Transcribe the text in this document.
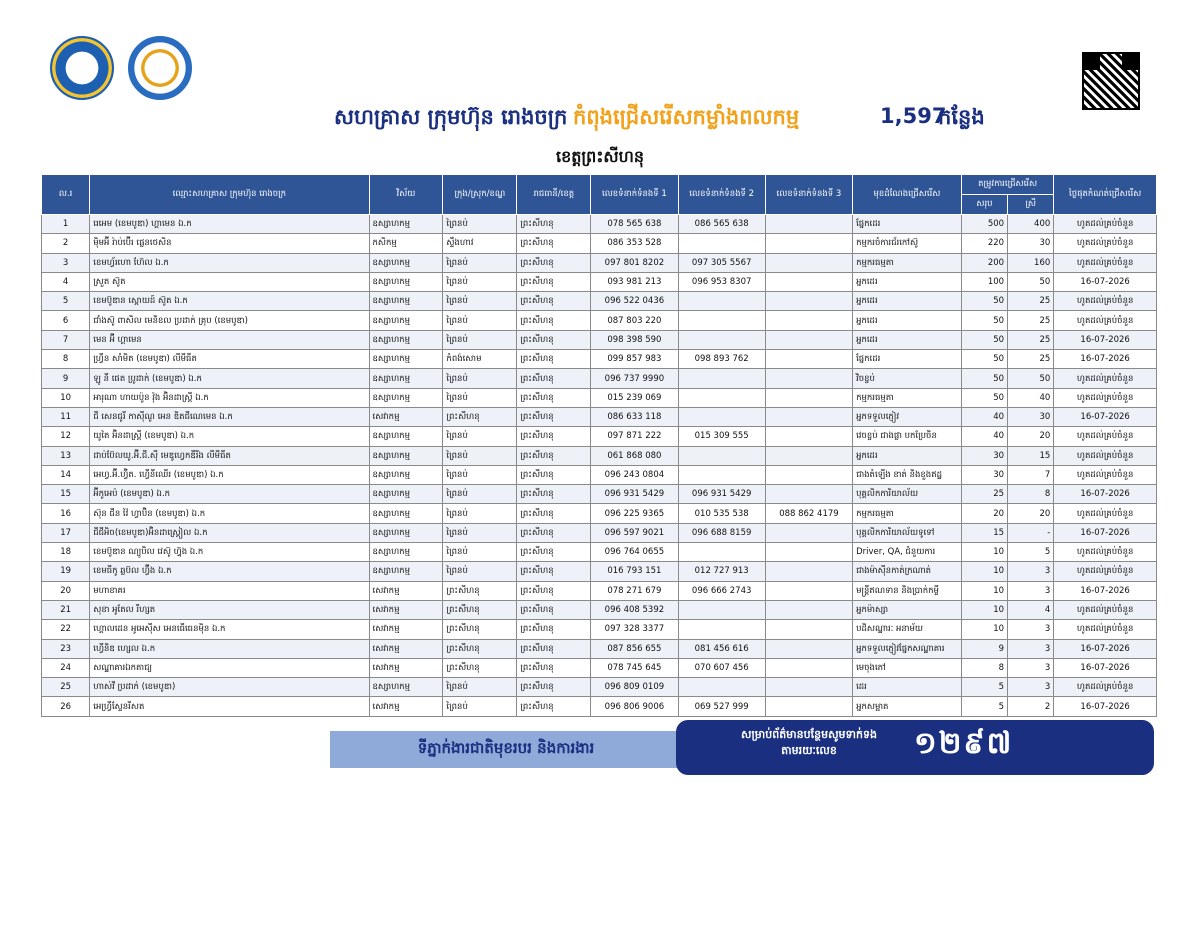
សហគ្រាស ក្រុមហ៊ុន រោងចក្រ កំពុងជ្រើសរើសកម្លាំងពលកម្ម	1,597
កន្លែង
ខេត្តព្រះសីហនុ
ល.រ	ឈ្មោះសហគ្រាស ក្រុមហ៊ុន រោងចក្រ	វិស័យ	ក្រុង/ស្រុក/ខណ្ឌ	រាជធានី/ខេត្ត	លេខទំនាក់ទំនងទី 1	លេខទំនាក់ទំនងទី 2	លេខទំនាក់ទំនងទី 3	មុខដំណែងជ្រើសរើស	តម្រូវការជ្រើសរើស		ថ្ងៃផុតកំណត់ជ្រើសរើស
									សរុប	ស្រី	
1	រេអេម (ខេមបូឌា) ហ្គាមេន ឯ.ក	ឧស្សាហកម្ម	ព្រៃនប់	ព្រះសីហនុ	078 565 638	086 565 638		ផ្នែកដេរ	500	400	ហូតដល់គ្រប់ចំនួន
2	ម៉ិមអ៊ី រ៉ាប់ប៊ើរ ផ្លេនថេសិន	កសិកម្ម	ស្ទឹងហាវ	ព្រះសីហនុ	086 353 528			កម្មករចំការជ័រកៅស៊ូ	220	30	ហូតដល់គ្រប់ចំនួន
3	ខេមហ្វ័រហោ ហ៊ែល ឯ.ក	ឧស្សាហកម្ម	ព្រៃនប់	ព្រះសីហនុ	097 801 8202	097 305 5567		កម្មករធម្មតា	200	160	ហូតដល់គ្រប់ចំនួន
4	ស្រួត ស៊ូត	ឧស្សាហកម្ម	ព្រៃនប់	ព្រះសីហនុ	093 981 213	096 953 8307		អ្នកដេរ	100	50	16-07-2026
5	ខេមប៊ូឌាន ស្ពោយដ៍ ស៊ូត ឯ.ក	ឧស្សាហកម្ម	ព្រៃនប់	ព្រះសីហនុ	096 522 0436			អ្នកដេរ	50	25	ហូតដល់គ្រប់ចំនួន
6	ជាំងស៊ូ ពាសិល មេនិខល ប្រដាក់ គ្រុប (ខេមបូឌា)	ឧស្សាហកម្ម	ព្រៃនប់	ព្រះសីហនុ	087 803 220			អ្នកដេរ	50	25	ហូតដល់គ្រប់ចំនួន
7	មេន អ៊ី ហ្គាមេន	ឧស្សាហកម្ម	ព្រៃនប់	ព្រះសីហនុ	098 398 590			អ្នកដេរ	50	25	16-07-2026
8	ហ្វ្រីន សាំមិត (ខេមបូឌា) លីមីធីត	ឧស្សាហកម្ម	កំពង់សោម	ព្រះសីហនុ	099 857 983	098 893 762		ផ្នែកដេរ	50	25	16-07-2026
9	ឡូ នី ផេត ប្រូដាក់ (ខេមបូឌា) ឯ.ក	ឧស្សាហកម្ម	ព្រៃនប់	ព្រះសីហនុ	096 737 9990			វិចខ្ចប់	50	50	ហូតដល់គ្រប់ចំនួន
10	អារុណា ហាយប៉ូន វ៉ុង អ៊ិនដាស្ត្រី ឯ.ក	ឧស្សាហកម្ម	ព្រៃនប់	ព្រះសីហនុ	015 239 069			កម្មករធម្មតា	50	40	ហូតដល់គ្រប់ចំនួន
11	ជី សេនជូរី កាស៊ីណូ អេន ឌិតជីណេមេន ឯ.ក	សេវាកម្ម	ព្រះសីហនុ	ព្រះសីហនុ	086 633 118			អ្នកទទួលភ្ញៀវ	40	30	16-07-2026
12	យូតៃ អ៊ិនដាស្ត្រី (ខេមបូឌា) ឯ.ក	ឧស្សាហកម្ម	ព្រៃនប់	ព្រះសីហនុ	097 871 222	015 309 555		វេចខ្ចប់ ជាងផ្លា បកប្រែចិន	40	20	ហូតដល់គ្រប់ចំនួន
13	ដាប់ប៊ែលយូ.អ៊ី.ជី.ស៊ី មេឌូហ្វេកឌីរីង លីមីធីត	ឧស្សាហកម្ម	ព្រៃនប់	ព្រះសីហនុ	061 868 080			អ្នកដេរ	30	15	ហូតដល់គ្រប់ចំនួន
14	អេហ្វ.អ៊ី.ហ្វ៊ិត. ហ្វើនីឈើរ (ខេមបូឌា) ឯ.ក	ឧស្សាហកម្ម	ព្រៃនប់	ព្រះសីហនុ	096 243 0804			ជាងតំឡើង ខាត់ និងខួងឥដ្ឋ	30	7	ហូតដល់គ្រប់ចំនួន
15	អ៊ីកូអេប៉ (ខេមបូឌា) ឯ.ក	ឧស្សាហកម្ម	ព្រៃនប់	ព្រះសីហនុ	096 931 5429	096 931 5429		បុគ្គលិកការិយាល័យ	25	8	16-07-2026
16	ស៊ុន ជីន វ៉ៃ ហ្វាប៊ិន (ខេមបូឌា) ឯ.ក	ឧស្សាហកម្ម	ព្រៃនប់	ព្រះសីហនុ	096 225 9365	010 535 538	088 862 4179	កម្មករធម្មតា	20	20	ហូតដល់គ្រប់ចំនួន
17	ជីជីអិច(ខេមបូឌា)អ៊ិនដាស្ត្រៀល ឯ.ក	ឧស្សាហកម្ម	ព្រៃនប់	ព្រះសីហនុ	096 597 9021	096 688 8159		បុគ្គលិកការិយាល័យទូទៅ	15	-	16-07-2026
18	ខេមប៊ូឌាន ណ្យូបិល វេស៊ូ ហ្វ៊ុង ឯ.ក	ឧស្សាហកម្ម	ព្រៃនប់	ព្រះសីហនុ	096 764 0655			Driver, QA, ជំនួយការ	10	5	ហូតដល់គ្រប់ចំនួន
19	ខេមធីកូ ឆ្លប៊ល ហ្វ៊ីង ឯ.ក	ឧស្សាហកម្ម	ព្រៃនប់	ព្រះសីហនុ	016 793 151	012 727 913		ជាងម៉ាស៊ីនកាត់ក្រណាត់	10	3	ហូតដល់គ្រប់ចំនួន
20	មហាខាគរ	សេវាកម្ម	ព្រះសីហនុ	ព្រះសីហនុ	078 271 679	096 666 2743		មន្ត្រីឥណទាន និងប្រាក់កម្ចី	10	3	16-07-2026
21	សុខា អូតែល រីហ្សត	សេវាកម្ម	ព្រះសីហនុ	ព្រះសីហនុ	096 408 5392			អ្នកម៉ាស្សា	10	4	ហូតដល់គ្រប់ចំនួន
22	ហ្គោលដេន អូអេស៊ីស អេនធើធេនម៉ិន ឯ.ក	សេវាកម្ម	ព្រះសីហនុ	ព្រះសីហនុ	097 328 3377			បដិសណ្ឋារៈ អនាម័យ	10	3	ហូតដល់គ្រប់ចំនួន
23	ហ្វើនិឌ ហ្សេល ឯ.ក	សេវាកម្ម	ព្រះសីហនុ	ព្រះសីហនុ	087 856 655	081 456 616		អ្នកទទួលភ្ញៀវផ្នែកសណ្ឋាគារ	9	3	16-07-2026
24	សណ្ឋាគារឯកតាជ្យ	សេវាកម្ម	ព្រះសីហនុ	ព្រះសីហនុ	078 745 645	070 607 456		មេចុងភៅ	8	3	16-07-2026
25	ហាស់វី ប្រដាក់ (ខេមបូឌា)	ឧស្សាហកម្ម	ព្រៃនប់	ព្រះសីហនុ	096 809 0109			ដេរ	5	3	ហូតដល់គ្រប់ចំនួន
26	អេហ្វ្រីស្ទែនរីសត	សេវាកម្ម	ព្រៃនប់	ព្រះសីហនុ	096 806 9006	069 527 999		អ្នកសម្អាត	5	2	16-07-2026
ទីភ្នាក់ងារជាតិមុខរបរ និងការងារ
សម្រាប់ព័ត៌មានបន្ថែមសូមទាក់ទងតាមរយៈលេខ	១២៩៧
